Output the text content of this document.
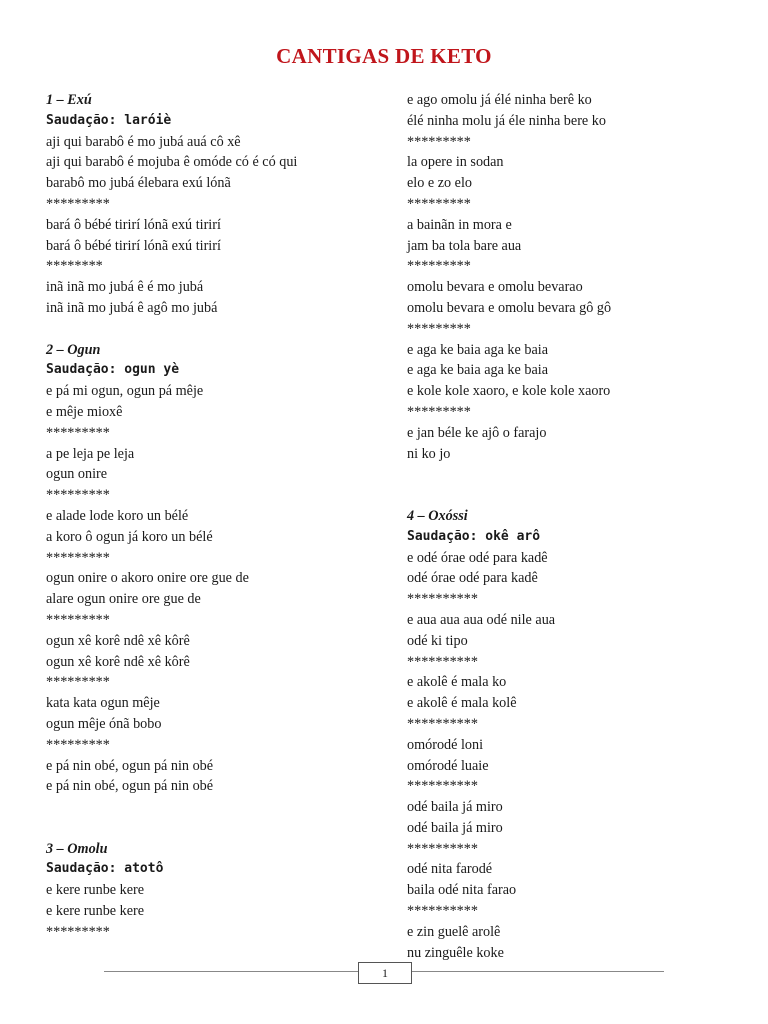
CANTIGAS DE KETO
1 – Exú
Saudação: laróiè
aji qui barabô é mo jubá auá cô xê
aji qui barabô é mojuba ê omóde có é có qui
barabô mo jubá élebara exú lónã
*********
bará ô bébé tirirí lónã exú tirirí
bará ô bébé tirirí lónã exú tirirí
********
inã inã mo jubá ê é mo jubá
inã inã mo jubá ê agô mo jubá
2 – Ogun
Saudação: ogun yè
e pá mi ogun, ogun pá mêje
e mêje mioxê
*********
a pe leja pe leja
ogun onire
*********
e alade lode koro un bélé
a koro ô ogun já koro un bélé
*********
ogun onire o akoro onire ore gue de
alare ogun onire ore gue de
*********
ogun xê korê ndê xê kôrê
ogun xê korê ndê xê kôrê
*********
kata kata ogun mêje
ogun mêje ónã bobo
*********
e pá nin obé, ogun pá nin obé
e pá nin obé, ogun pá nin obé
3 – Omolu
Saudação: atotô
e kere runbe kere
e kere runbe kere
*********
e ago omolu já élé ninha berê ko
élé ninha molu já éle ninha bere ko
*********
la opere in sodan
elo e zo elo
*********
a bainãn in mora e
jam ba tola bare aua
*********
omolu bevara e omolu bevarao
omolu bevara e omolu bevara gô gô
*********
e aga ke baia aga ke baia
e aga ke baia aga ke baia
e kole kole xaoro, e kole kole xaoro
*********
e jan béle ke ajô o farajo
ni ko jo
4 – Oxóssi
Saudação: okê arô
e odé órae odé para kadê
odé órae odé para kadê
**********
e aua aua aua odé nile aua
odé ki tipo
**********
e akolê é mala ko
e akolê é mala kolê
**********
omórodé loni
omórodé luaie
**********
odé baila já miro
odé baila já miro
**********
odé nita farodé
baila odé nita farao
**********
e zin guelê arolê
nu zinguêle koke
1
